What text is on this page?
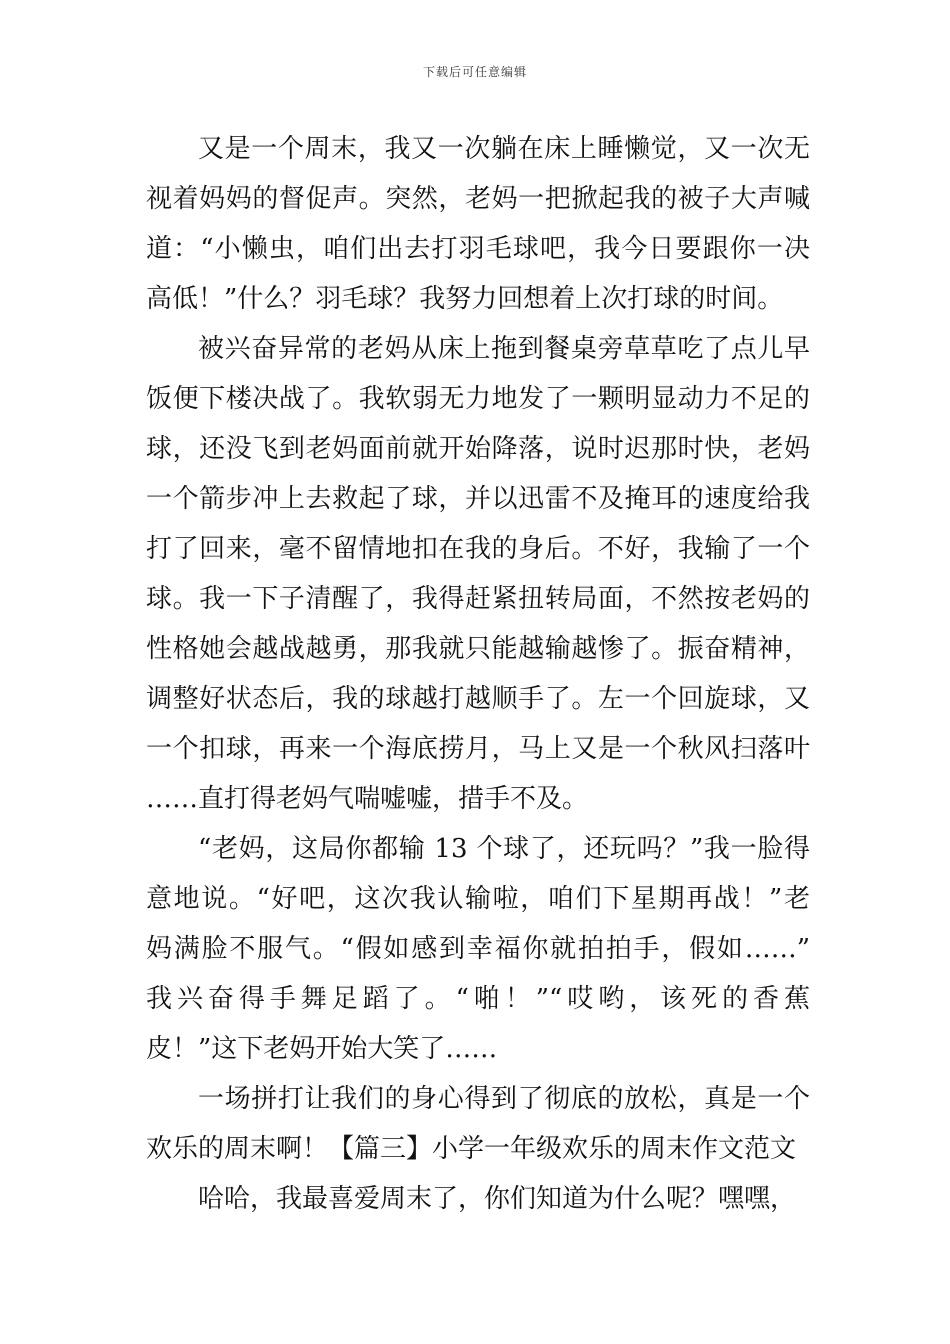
下载后可任意编辑
又是一个周末，我又一次躺在床上睡懒觉，又一次无
视着妈妈的督促声。突然，老妈一把掀起我的被子大声喊
道：“小懒虫，咱们出去打羽毛球吧，我今日要跟你一决
高低！”什么？羽毛球？我努力回想着上次打球的时间。
被兴奋异常的老妈从床上拖到餐桌旁草草吃了点儿早
饭便下楼决战了。我软弱无力地发了一颗明显动力不足的
球，还没飞到老妈面前就开始降落，说时迟那时快，老妈
一个箭步冲上去救起了球，并以迅雷不及掩耳的速度给我
打了回来，毫不留情地扣在我的身后。不好，我输了一个
球。我一下子清醒了，我得赶紧扭转局面，不然按老妈的
性格她会越战越勇，那我就只能越输越惨了。振奋精神，
调整好状态后，我的球越打越顺手了。左一个回旋球，又
一个扣球，再来一个海底捞月，马上又是一个秋风扫落叶
……直打得老妈气喘嘘嘘，措手不及。
“老妈，这局你都输 13 个球了，还玩吗？”我一脸得
意地说。“好吧，这次我认输啦，咱们下星期再战！”老
妈满脸不服气。“假如感到幸福你就拍拍手，假如……”
我兴奋得手舞足蹈了。“啪！”“哎哟，该死的香蕉
皮！”这下老妈开始大笑了……
一场拼打让我们的身心得到了彻底的放松，真是一个
欢乐的周末啊！【篇三】小学一年级欢乐的周末作文范文
哈哈，我最喜爱周末了，你们知道为什么呢？嘿嘿，
